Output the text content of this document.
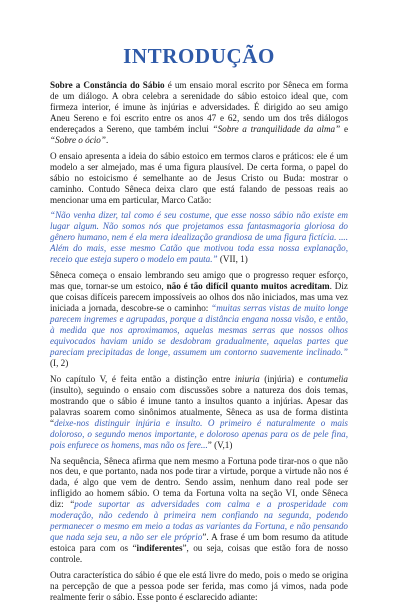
INTRODUÇÃO

Sobre a Constância do Sábio é um ensaio moral escrito por Sêneca em forma de um diálogo. A obra celebra a serenidade do sábio estoico ideal que, com firmeza interior, é imune às injúrias e adversidades. É dirigido ao seu amigo Aneu Sereno e foi escrito entre os anos 47 e 62, sendo um dos três diálogos endereçados a Sereno, que também inclui “Sobre a tranquilidade da alma” e “Sobre o ócio”.

O ensaio apresenta a ideia do sábio estoico em termos claros e práticos: ele é um modelo a ser almejado, mas é uma figura plausível. De certa forma, o papel do sábio no estoicismo é semelhante ao de Jesus Cristo ou Buda: mostrar o caminho. Contudo Sêneca deixa claro que está falando de pessoas reais ao mencionar uma em particular, Marco Catão:

“Não venha dizer, tal como é seu costume, que esse nosso sábio não existe em lugar algum. Não somos nós que projetamos essa fantasmagoria gloriosa do gênero humano, nem é ela mera idealização grandiosa de uma figura fictícia. .... Além do mais, esse mesmo Catão que motivou toda essa nossa explanação, receio que esteja supero o modelo em pauta.” (VII, 1)

Sêneca começa o ensaio lembrando seu amigo que o progresso requer esforço, mas que, tornar-se um estoico, não é tão difícil quanto muitos acreditam. Diz que coisas difíceis parecem impossíveis ao olhos dos não iniciados, mas uma vez iniciada a jornada, descobre-se o caminho: “muitas serras vistas de muito longe parecem ingremes e agrupadas, porque a distância engana nossa visão, e então, à medida que nos aproximamos, aquelas mesmas serras que nossos olhos equivocados haviam unido se desdobram gradualmente, aquelas partes que pareciam precipitadas de longe, assumem um contorno suavemente inclinado.” (I, 2)

No capítulo V, é feita então a distinção entre iniuria (injúria) e contumelia (insulto), seguindo o ensaio com discussões sobre a natureza dos dois temas, mostrando que o sábio é imune tanto a insultos quanto a injúrias. Apesar das palavras soarem como sinônimos atualmente, Sêneca as usa de forma distinta “deixe-nos distinguir injúria e insulto. O primeiro é naturalmente o mais doloroso, o segundo menos importante, e doloroso apenas para os de pele fina, pois enfurece os homens, mas não os fere...” (V,1)

Na sequência, Sêneca afirma que nem mesmo a Fortuna pode tirar-nos o que não nos deu, e que portanto, nada nos pode tirar a virtude, porque a virtude não nos é dada, é algo que vem de dentro. Sendo assim, nenhum dano real pode ser infligido ao homem sábio. O tema da Fortuna volta na seção VI, onde Sêneca diz: “pode suportar as adversidades com calma e a prosperidade com moderação, não cedendo à primeira nem confiando na segunda, podendo permanecer o mesmo em meio a todas as variantes da Fortuna, e não pensando que nada seja seu, a não ser ele próprio”. A frase é um bom resumo da atitude estoica para com os “indiferentes”, ou seja, coisas que estão fora de nosso controle.

Outra característica do sábio é que ele está livre do medo, pois o medo se origina na percepção de que a pessoa pode ser ferida, mas como já vimos, nada pode realmente ferir o sábio. Esse ponto é esclarecido adiante:
